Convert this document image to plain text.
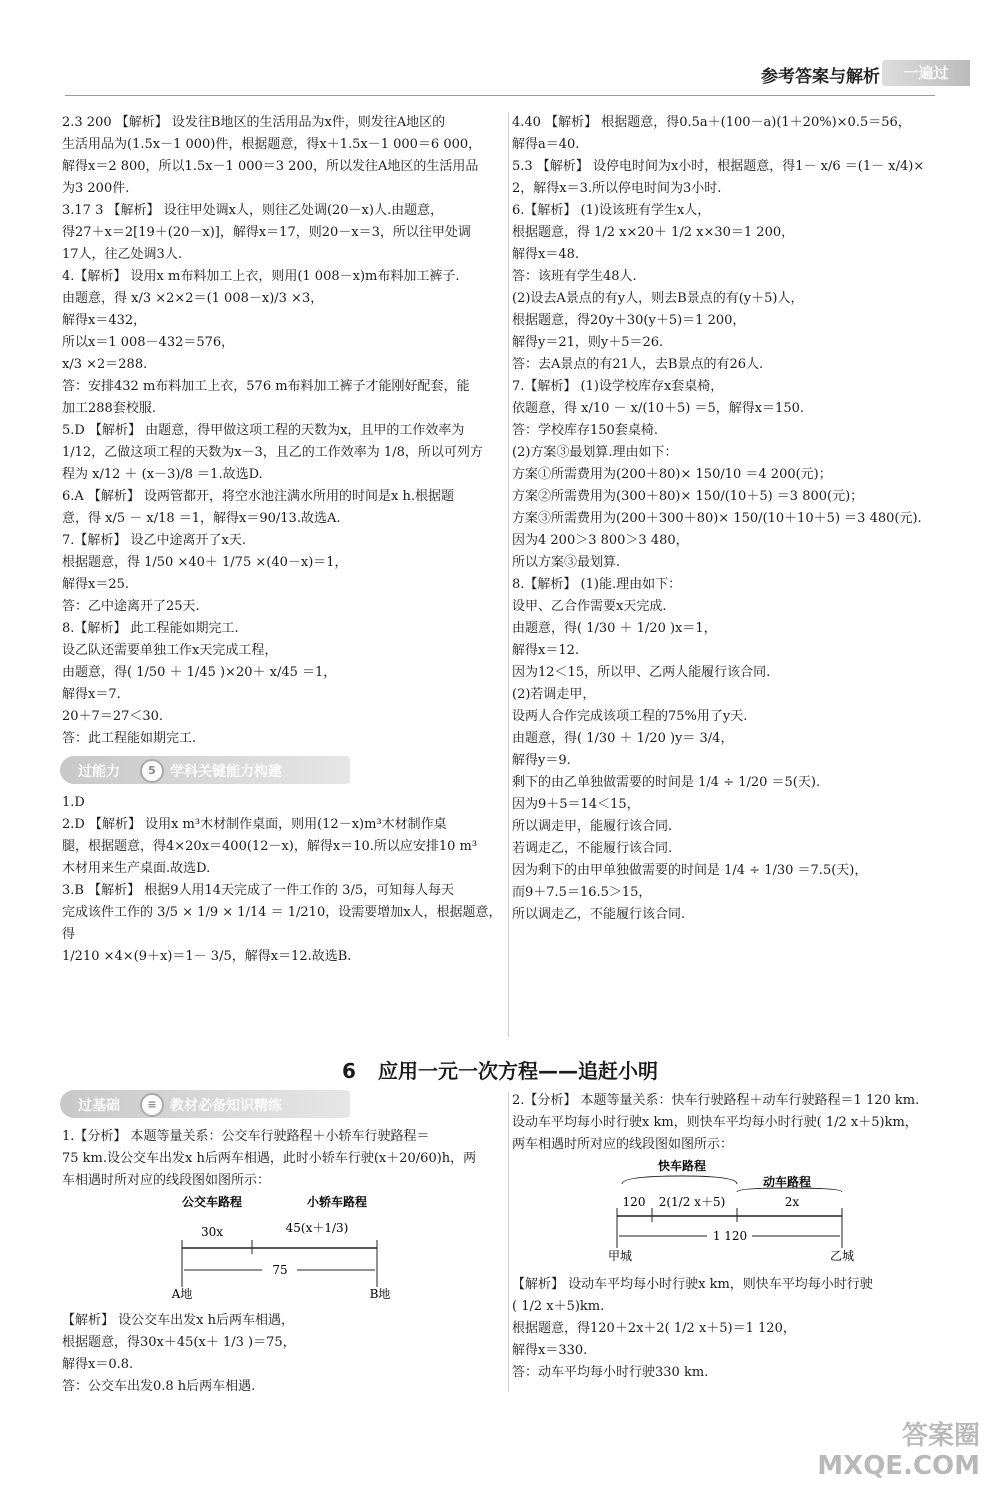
参考答案与解析	一遍过

2.3 200 【解析】 设发往B地区的生活用品为x件，则发往A地区的

生活用品为(1.5x－1 000)件，根据题意，得x＋1.5x－1 000＝6 000，

解得x＝2 800，所以1.5x－1 000＝3 200，所以发往A地区的生活用品

为3 200件.

3.17 3 【解析】 设往甲处调x人，则往乙处调(20－x)人.由题意，

得27＋x＝2[19＋(20－x)]，解得x＝17，则20－x＝3，所以往甲处调

17人，往乙处调3人.

4.【解析】 设用x m布料加工上衣，则用(1 008－x)m布料加工裤子.

由题意，得 x/3 ×2×2＝(1 008－x)/3 ×3，

解得x＝432，

所以x＝1 008－432＝576，

x/3 ×2＝288.

答：安排432 m布料加工上衣，576 m布料加工裤子才能刚好配套，能

加工288套校服.

5.D 【解析】 由题意，得甲做这项工程的天数为x，且甲的工作效率为

1/12，乙做这项工程的天数为x－3，且乙的工作效率为 1/8，所以可列方

程为 x/12 ＋ (x－3)/8 ＝1.故选D.

6.A 【解析】 设两管都开，将空水池注满水所用的时间是x h.根据题

意，得 x/5 － x/18 ＝1，解得x＝90/13.故选A.

7.【解析】 设乙中途离开了x天.

根据题意，得 1/50 ×40＋ 1/75 ×(40－x)＝1，

解得x＝25.

答：乙中途离开了25天.

8.【解析】 此工程能如期完工.

设乙队还需要单独工作x天完成工程，

由题意，得( 1/50 ＋ 1/45 )×20＋ x/45 ＝1，

解得x＝7.

20＋7＝27＜30.

答：此工程能如期完工.

过能力	5	学科关键能力构建

1.D

2.D 【解析】 设用x m³木材制作桌面，则用(12－x)m³木材制作桌

腿，根据题意，得4×20x＝400(12－x)，解得x＝10.所以应安排10 m³

木材用来生产桌面.故选D.

3.B 【解析】 根据9人用14天完成了一件工作的 3/5，可知每人每天

完成该件工作的 3/5 × 1/9 × 1/14 ＝ 1/210，设需要增加x人，根据题意，得

1/210 ×4×(9＋x)＝1－ 3/5，解得x＝12.故选B.

4.40 【解析】 根据题意，得0.5a＋(100－a)(1＋20%)×0.5＝56，

解得a＝40.

5.3 【解析】 设停电时间为x小时，根据题意，得1－ x/6 ＝(1－ x/4)×

2，解得x＝3.所以停电时间为3小时.

6.【解析】 (1)设该班有学生x人，

根据题意，得 1/2 x×20＋ 1/2 x×30＝1 200，

解得x＝48.

答：该班有学生48人.

(2)设去A景点的有y人，则去B景点的有(y＋5)人，

根据题意，得20y＋30(y＋5)＝1 200，

解得y＝21，则y＋5＝26.

答：去A景点的有21人，去B景点的有26人.

7.【解析】 (1)设学校库存x套桌椅，

依题意，得 x/10 － x/(10＋5) ＝5，解得x＝150.

答：学校库存150套桌椅.

(2)方案③最划算.理由如下：

方案①所需费用为(200＋80)× 150/10 ＝4 200(元)；

方案②所需费用为(300＋80)× 150/(10＋5) ＝3 800(元)；

方案③所需费用为(200＋300＋80)× 150/(10＋10＋5) ＝3 480(元).

因为4 200＞3 800＞3 480，

所以方案③最划算.

8.【解析】 (1)能.理由如下：

设甲、乙合作需要x天完成.

由题意，得( 1/30 ＋ 1/20 )x＝1，

解得x＝12.

因为12＜15，所以甲、乙两人能履行该合同.

(2)若调走甲，

设两人合作完成该项工程的75%用了y天.

由题意，得( 1/30 ＋ 1/20 )y＝ 3/4，

解得y＝9.

剩下的由乙单独做需要的时间是 1/4 ÷ 1/20 ＝5(天).

因为9＋5＝14＜15，

所以调走甲，能履行该合同.

若调走乙，不能履行该合同.

因为剩下的由甲单独做需要的时间是 1/4 ÷ 1/30 ＝7.5(天)，

而9＋7.5＝16.5＞15，

所以调走乙，不能履行该合同.

6 应用一元一次方程——追赶小明
过基础	≡ 教材必备知识精练

1.【分析】 本题等量关系：公交车行驶路程＋小轿车行驶路程＝

75 km.设公交车出发x h后两车相遇，此时小轿车行驶(x＋20/60)h，两

车相遇时所对应的线段图如图所示：

公交车路程	小轿车路程
30x	45(x＋1/3)
75
A地	B地

【解析】 设公交车出发x h后两车相遇，

根据题意，得30x＋45(x＋ 1/3 )＝75，

解得x＝0.8.

答：公交车出发0.8 h后两车相遇.

2.【分析】 本题等量关系：快车行驶路程＋动车行驶路程＝1 120 km.

设动车平均每小时行驶x km，则快车平均每小时行驶( 1/2 x＋5)km，

两车相遇时所对应的线段图如图所示：

快车路程
动车路程
120 2(1/2 x＋5)	2x
1 120
甲城	乙城

【解析】 设动车平均每小时行驶x km，则快车平均每小时行驶

( 1/2 x＋5)km.

根据题意，得120＋2x＋2( 1/2 x＋5)＝1 120，

解得x＝330.

答：动车平均每小时行驶330 km.

答案圈
MXQE.COM
